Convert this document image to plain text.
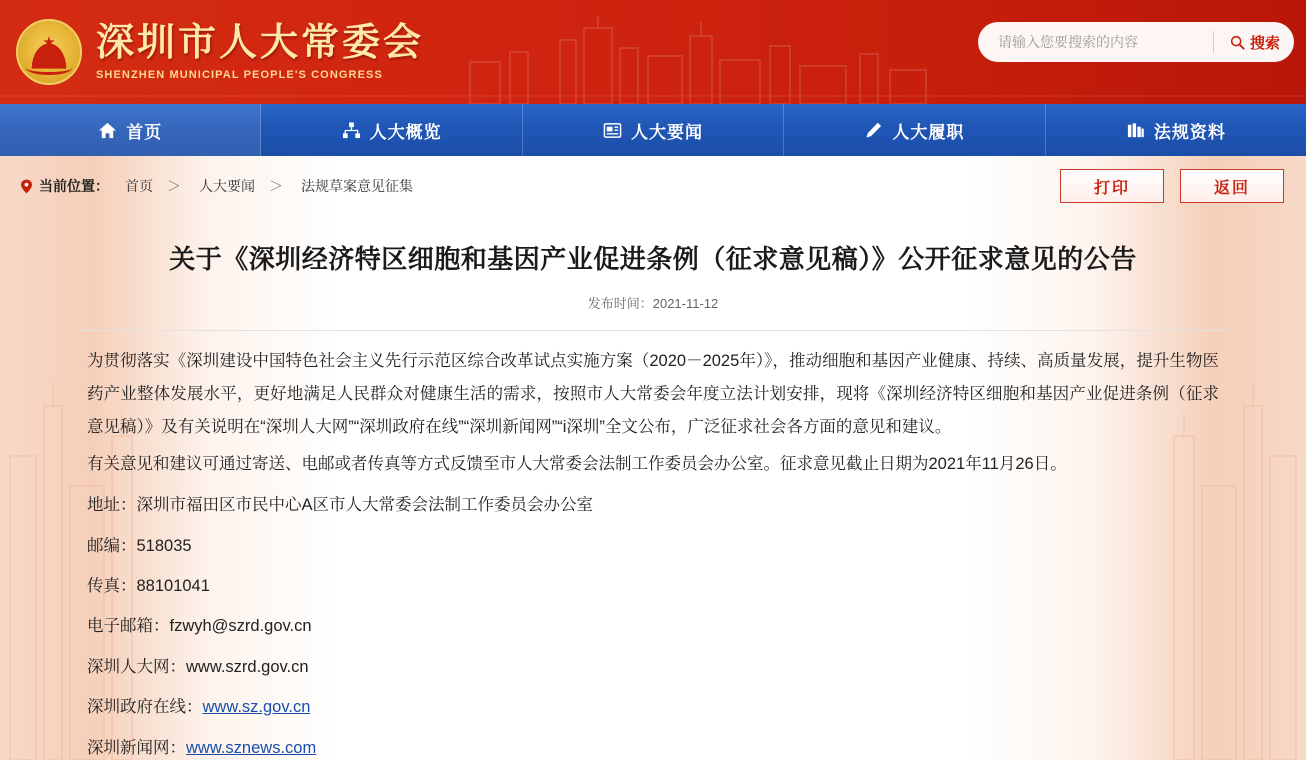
★ 深圳市人大常委会
SHENZHEN MUNICIPAL PEOPLE'S CONGRESS
请输入您要搜索的内容
搜索
首页	人大概览	人大要闻	人大履职	法规资料
当前位置： 首页 ＞ 人大要闻 ＞ 法规草案意见征集	打印	返回
关于《深圳经济特区细胞和基因产业促进条例（征求意见稿）》公开征求意见的公告
发布时间：2021-11-12

为贯彻落实《深圳建设中国特色社会主义先行示范区综合改革试点实施方案（2020－2025年）》，推动细胞和基因产业健康、持续、高质量发展，提升生物医药产业整体发展水平，更好地满足人民群众对健康生活的需求，按照市人大常委会年度立法计划安排，现将《深圳经济特区细胞和基因产业促进条例（征求意见稿）》及有关说明在“深圳人大网”“深圳政府在线”“深圳新闻网”“i深圳”全文公布，广泛征求社会各方面的意见和建议。

有关意见和建议可通过寄送、电邮或者传真等方式反馈至市人大常委会法制工作委员会办公室。征求意见截止日期为2021年11月26日。

地址：深圳市福田区市民中心A区市人大常委会法制工作委员会办公室
邮编：518035
传真：88101041
电子邮箱：fzwyh@szrd.gov.cn
深圳人大网：www.szrd.gov.cn
深圳政府在线：www.sz.gov.cn
深圳新闻网：www.sznews.com
